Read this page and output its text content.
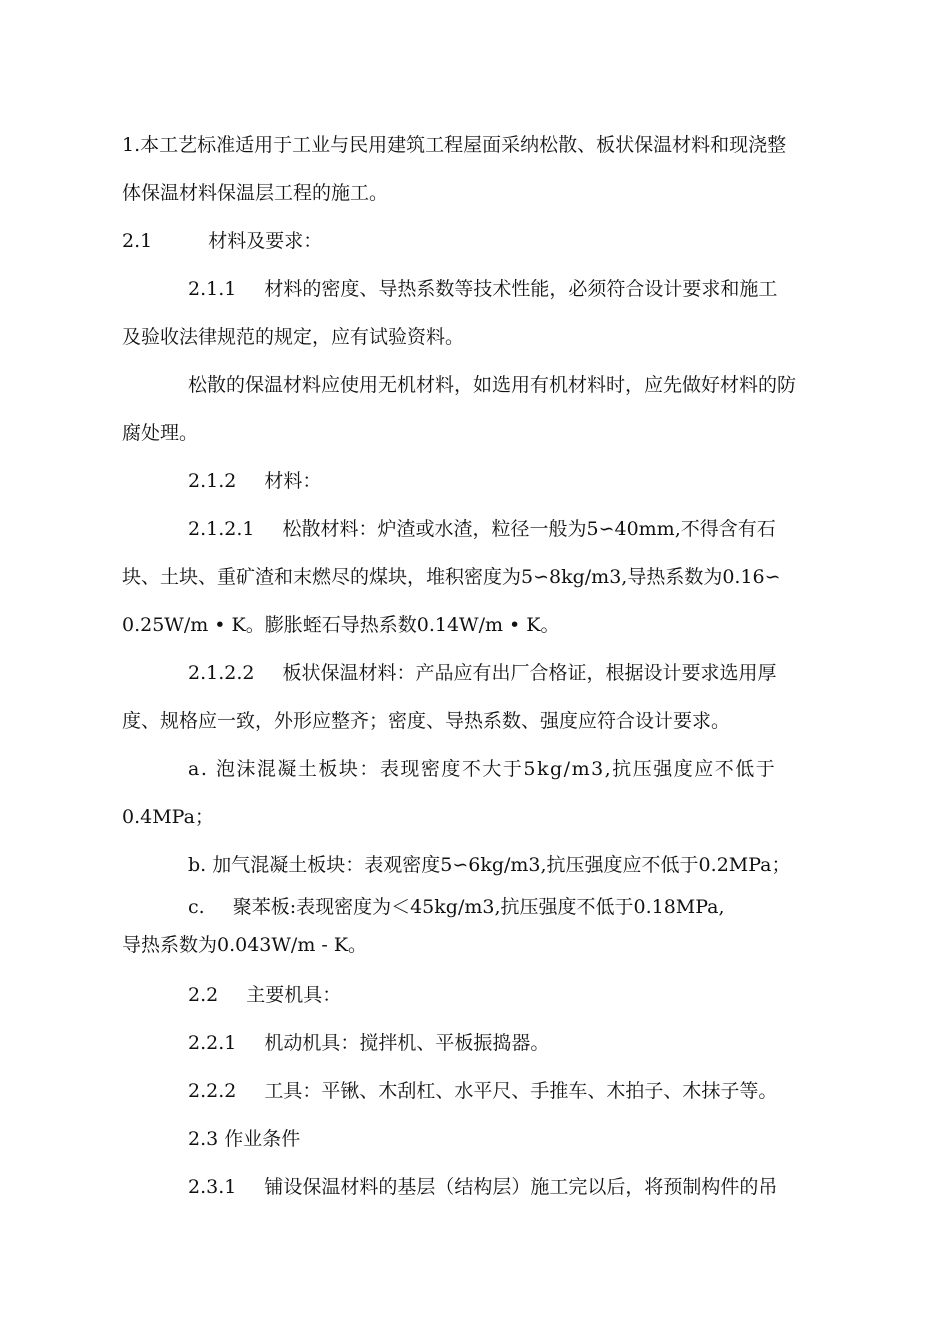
1.本工艺标准适用于工业与民用建筑工程屋面采纳松散、板状保温材料和现浇整
体保温材料保温层工程的施工。
2.1	材料及要求：
2.1.1 材料的密度、导热系数等技术性能，必须符合设计要求和施工
及验收法律规范的规定，应有试验资料。
松散的保温材料应使用无机材料，如选用有机材料时，应先做好材料的防
腐处理。
2.1.2 材料：
2.1.2.1 松散材料：炉渣或水渣，粒径一般为5∽40mm,不得含有石
块、土块、重矿渣和末燃尽的煤块，堆积密度为5∽8kg/m3,导热系数为0.16∽
0.25W/m • K。膨胀蛭石导热系数0.14W/m • K。
2.1.2.2 板状保温材料：产品应有出厂合格证，根据设计要求选用厚
度、规格应一致，外形应整齐；密度、导热系数、强度应符合设计要求。
a. 泡沫混凝土板块：表现密度不大于5kg/m3,抗压强度应不低于
0.4MPa；
b. 加气混凝土板块：表观密度5∽6kg/m3,抗压强度应不低于0.2MPa；
c. 聚苯板:表现密度为＜45kg/m3,抗压强度不低于0.18MPa,
导热系数为0.043W/m - K。
2.2 主要机具：
2.2.1 机动机具：搅拌机、平板振捣器。
2.2.2 工具：平锹、木刮杠、水平尺、手推车、木拍子、木抹子等。
2.3 作业条件
2.3.1 铺设保温材料的基层（结构层）施工完以后，将预制构件的吊
